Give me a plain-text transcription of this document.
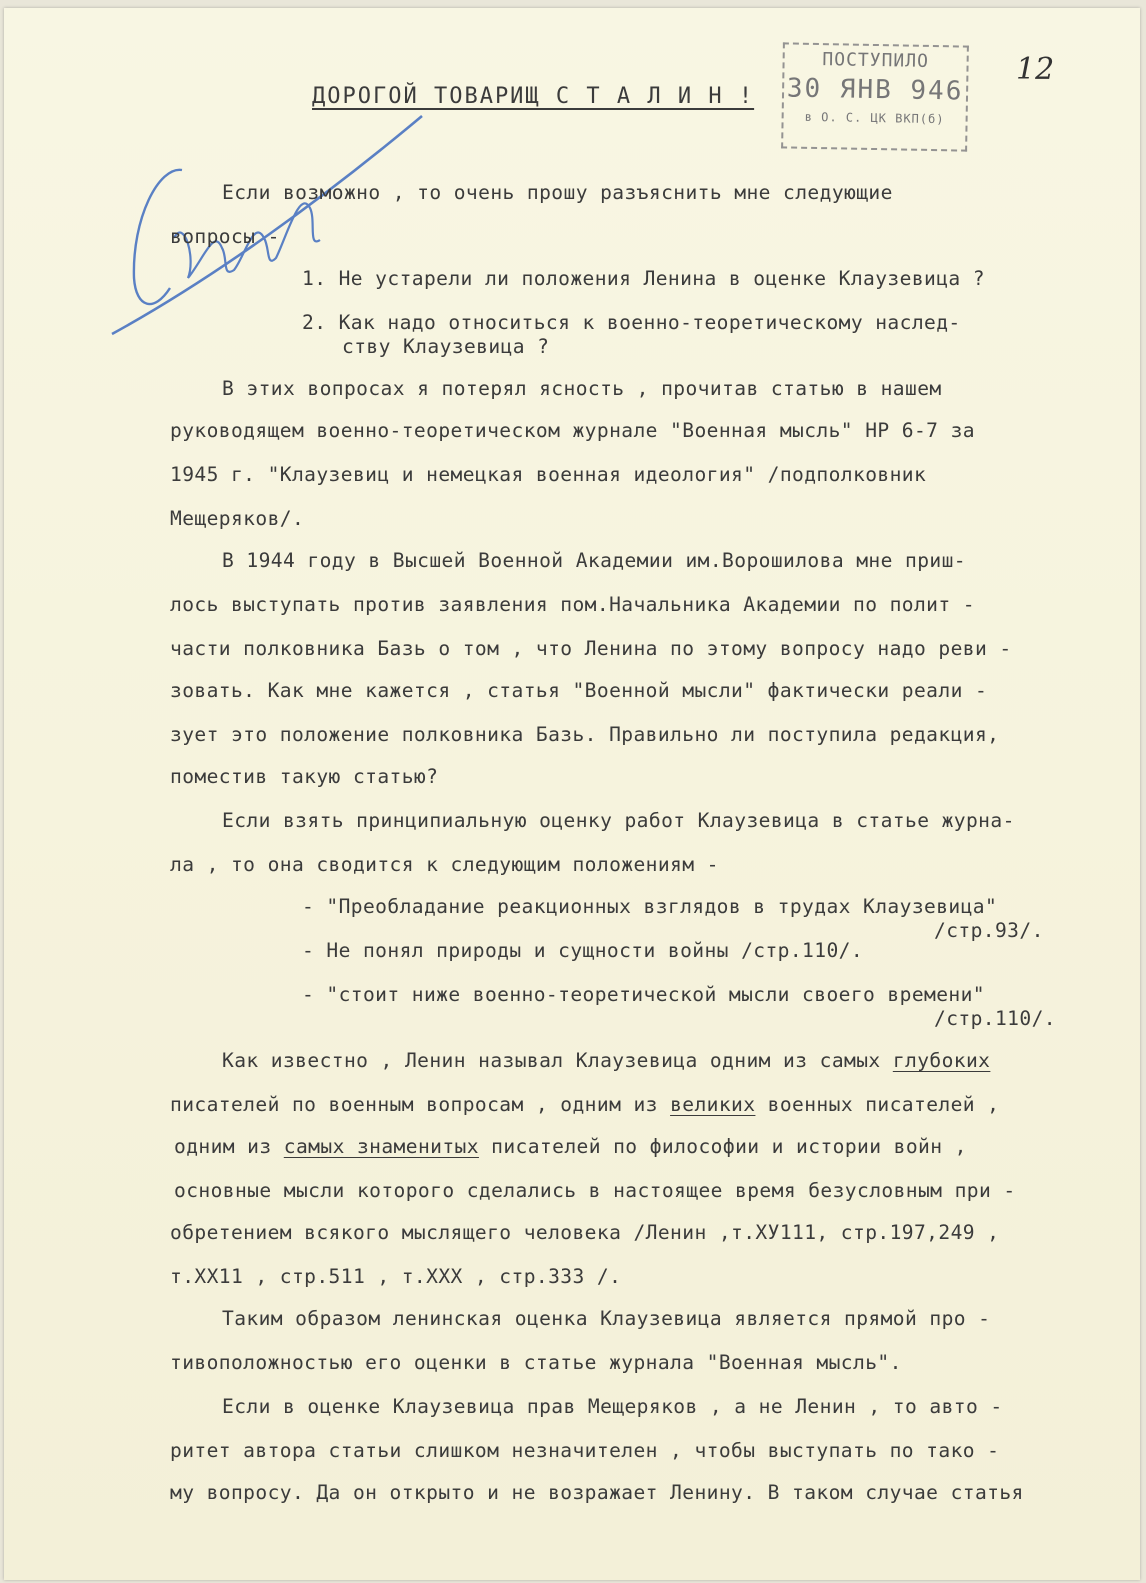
ПОСТУПИЛО
30 ЯНВ 946
в О. С. ЦК ВКП(б)
12
ДОРОГОЙ ТОВАРИЩ С Т А Л И Н !
Если возможно , то очень прошу разъяснить мне следующие
вопросы -
1. Не устарели ли положения Ленина в оценке Клаузевица ?
2. Как надо относиться к военно-теоретическому наслед-
ству Клаузевица ?
В этих вопросах я потерял ясность , прочитав статью в нашем
руководящем военно-теоретическом журнале "Военная мысль" НР 6-7 за
1945 г. "Клаузевиц и немецкая военная идеология" /подполковник
Мещеряков/.
В 1944 году в Высшей Военной Академии им.Ворошилова мне приш-
лось выступать против заявления пом.Начальника Академии по полит -
части полковника Базь о том , что Ленина по этому вопросу надо реви -
зовать. Как мне кажется , статья "Военной мысли" фактически реали -
зует это положение полковника Базь. Правильно ли поступила редакция,
поместив такую статью?
Если взять принципиальную оценку работ Клаузевица в статье журна-
ла , то она сводится к следующим положениям -
- "Преобладание реакционных взглядов в трудах Клаузевица"
/стр.93/.
- Не понял природы и сущности войны /стр.110/.
- "стоит ниже военно-теоретической мысли своего времени"
/стр.110/.
Как известно , Ленин называл Клаузевица одним из самых глубоких
писателей по военным вопросам , одним из великих военных писателей ,
одним из самых знаменитых писателей по философии и истории войн ,
основные мысли которого сделались в настоящее время безусловным при -
обретением всякого мыслящего человека /Ленин ,т.ХУ111, стр.197,249 ,
т.ХХ11 , стр.511 , т.ХХХ , стр.333 /.
Таким образом ленинская оценка Клаузевица является прямой про -
тивоположностью его оценки в статье журнала "Военная мысль".
Если в оценке Клаузевица прав Мещеряков , а не Ленин , то авто -
ритет автора статьи слишком незначителен , чтобы выступать по тако -
му вопросу. Да он открыто и не возражает Ленину. В таком случае статья
